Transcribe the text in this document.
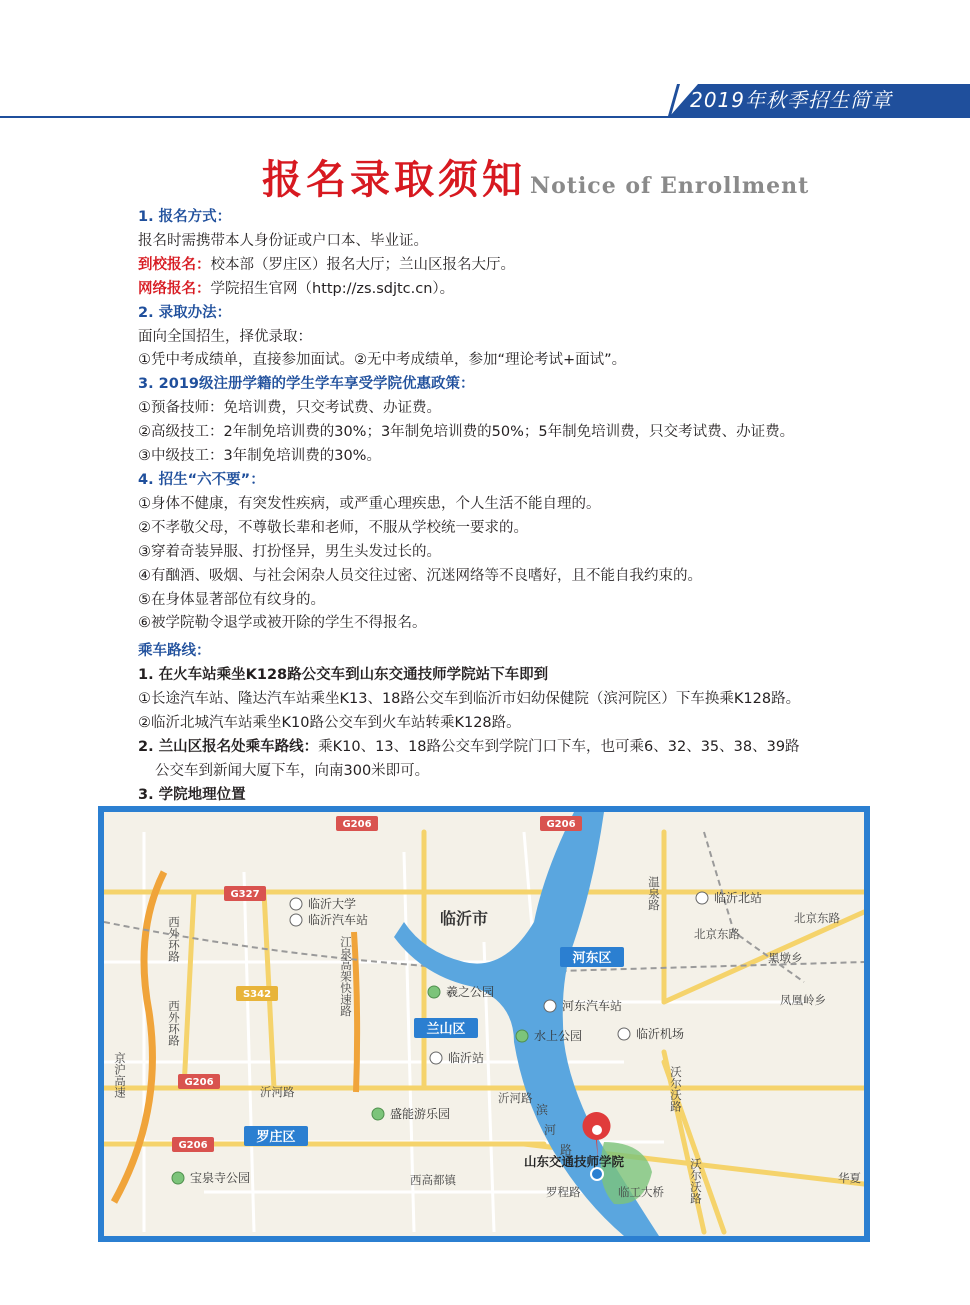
2019年秋季招生简章
报名录取须知 Notice of Enrollment
1. 报名方式：
报名时需携带本人身份证或户口本、毕业证。
到校报名：校本部（罗庄区）报名大厅；兰山区报名大厅。
网络报名：学院招生官网（http://zs.sdjtc.cn）。
2. 录取办法：
面向全国招生，择优录取：
①凭中考成绩单，直接参加面试。②无中考成绩单，参加“理论考试+面试”。
3. 2019级注册学籍的学生学车享受学院优惠政策：
①预备技师：免培训费，只交考试费、办证费。
②高级技工：2年制免培训费的30%；3年制免培训费的50%；5年制免培训费，只交考试费、办证费。
③中级技工：3年制免培训费的30%。
4. 招生“六不要”：
①身体不健康，有突发性疾病，或严重心理疾患，个人生活不能自理的。
②不孝敬父母，不尊敬长辈和老师，不服从学校统一要求的。
③穿着奇装异服、打扮怪异，男生头发过长的。
④有酗酒、吸烟、与社会闲杂人员交往过密、沉迷网络等不良嗜好，且不能自我约束的。
⑤在身体显著部位有纹身的。
⑥被学院勒令退学或被开除的学生不得报名。
乘车路线：
1. 在火车站乘坐K128路公交车到山东交通技师学院站下车即到
①长途汽车站、隆达汽车站乘坐K13、18路公交车到临沂市妇幼保健院（滨河院区）下车换乘K128路。
②临沂北城汽车站乘坐K10路公交车到火车站转乘K128路。
2. 兰山区报名处乘车路线：乘K10、13、18路公交车到学院门口下车，也可乘6、32、35、38、39路
公交车到新闻大厦下车，向南300米即可。
3. 学院地理位置
G206	G206
G327
S342
G206
G206
临沂市
河东区
兰山区
罗庄区
临沂大学
临沂汽车站
羲之公园
河东汽车站
水上公园
临沂站
临沂机场
临沂北站
盛能游乐园
宝泉寺公园
西外环路
西外环路
江泉高架快速路
沂河路	沂河路
温泉路
北京东路
北京东路
沃尔沃路
沃尔沃路
京沪高速
罗程路	临工大桥
华夏
西高都镇
黑墩乡
凤凰岭乡
滨
河
路
山东交通技师学院
